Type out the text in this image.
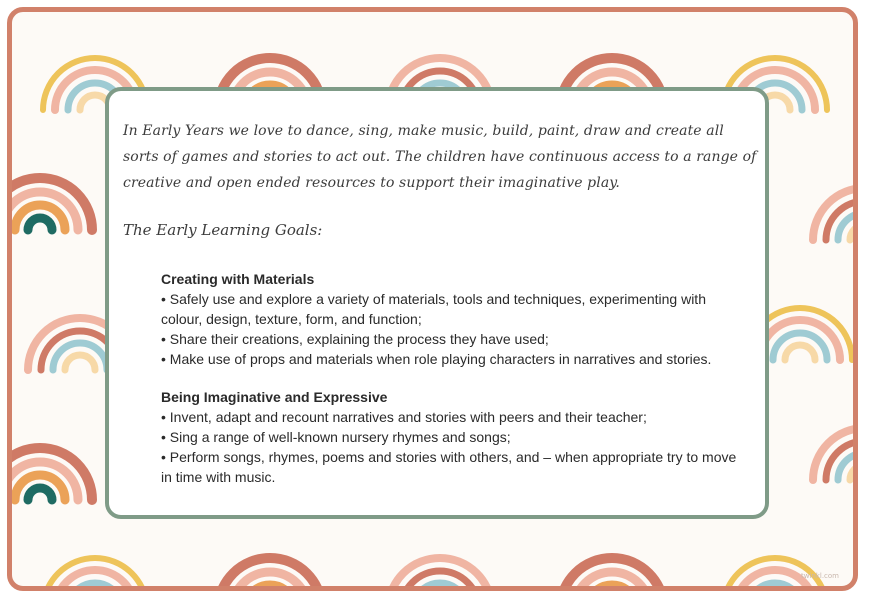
twinkl.com

In Early Years we love to dance, sing, make music, build, paint, draw and create all sorts of games and stories to act out. The children have continuous access to a range of creative and open ended resources to support their imaginative play.

The Early Learning Goals:
Creating with Materials
• Safely use and explore a variety of materials, tools and techniques, experimenting with colour, design, texture, form, and function;
• Share their creations, explaining the process they have used;
• Make use of props and materials when role playing characters in narratives and stories.
Being Imaginative and Expressive
• Invent, adapt and recount narratives and stories with peers and their teacher;
• Sing a range of well-known nursery rhymes and songs;
• Perform songs, rhymes, poems and stories with others, and – when appropriate try to move in time with music.
